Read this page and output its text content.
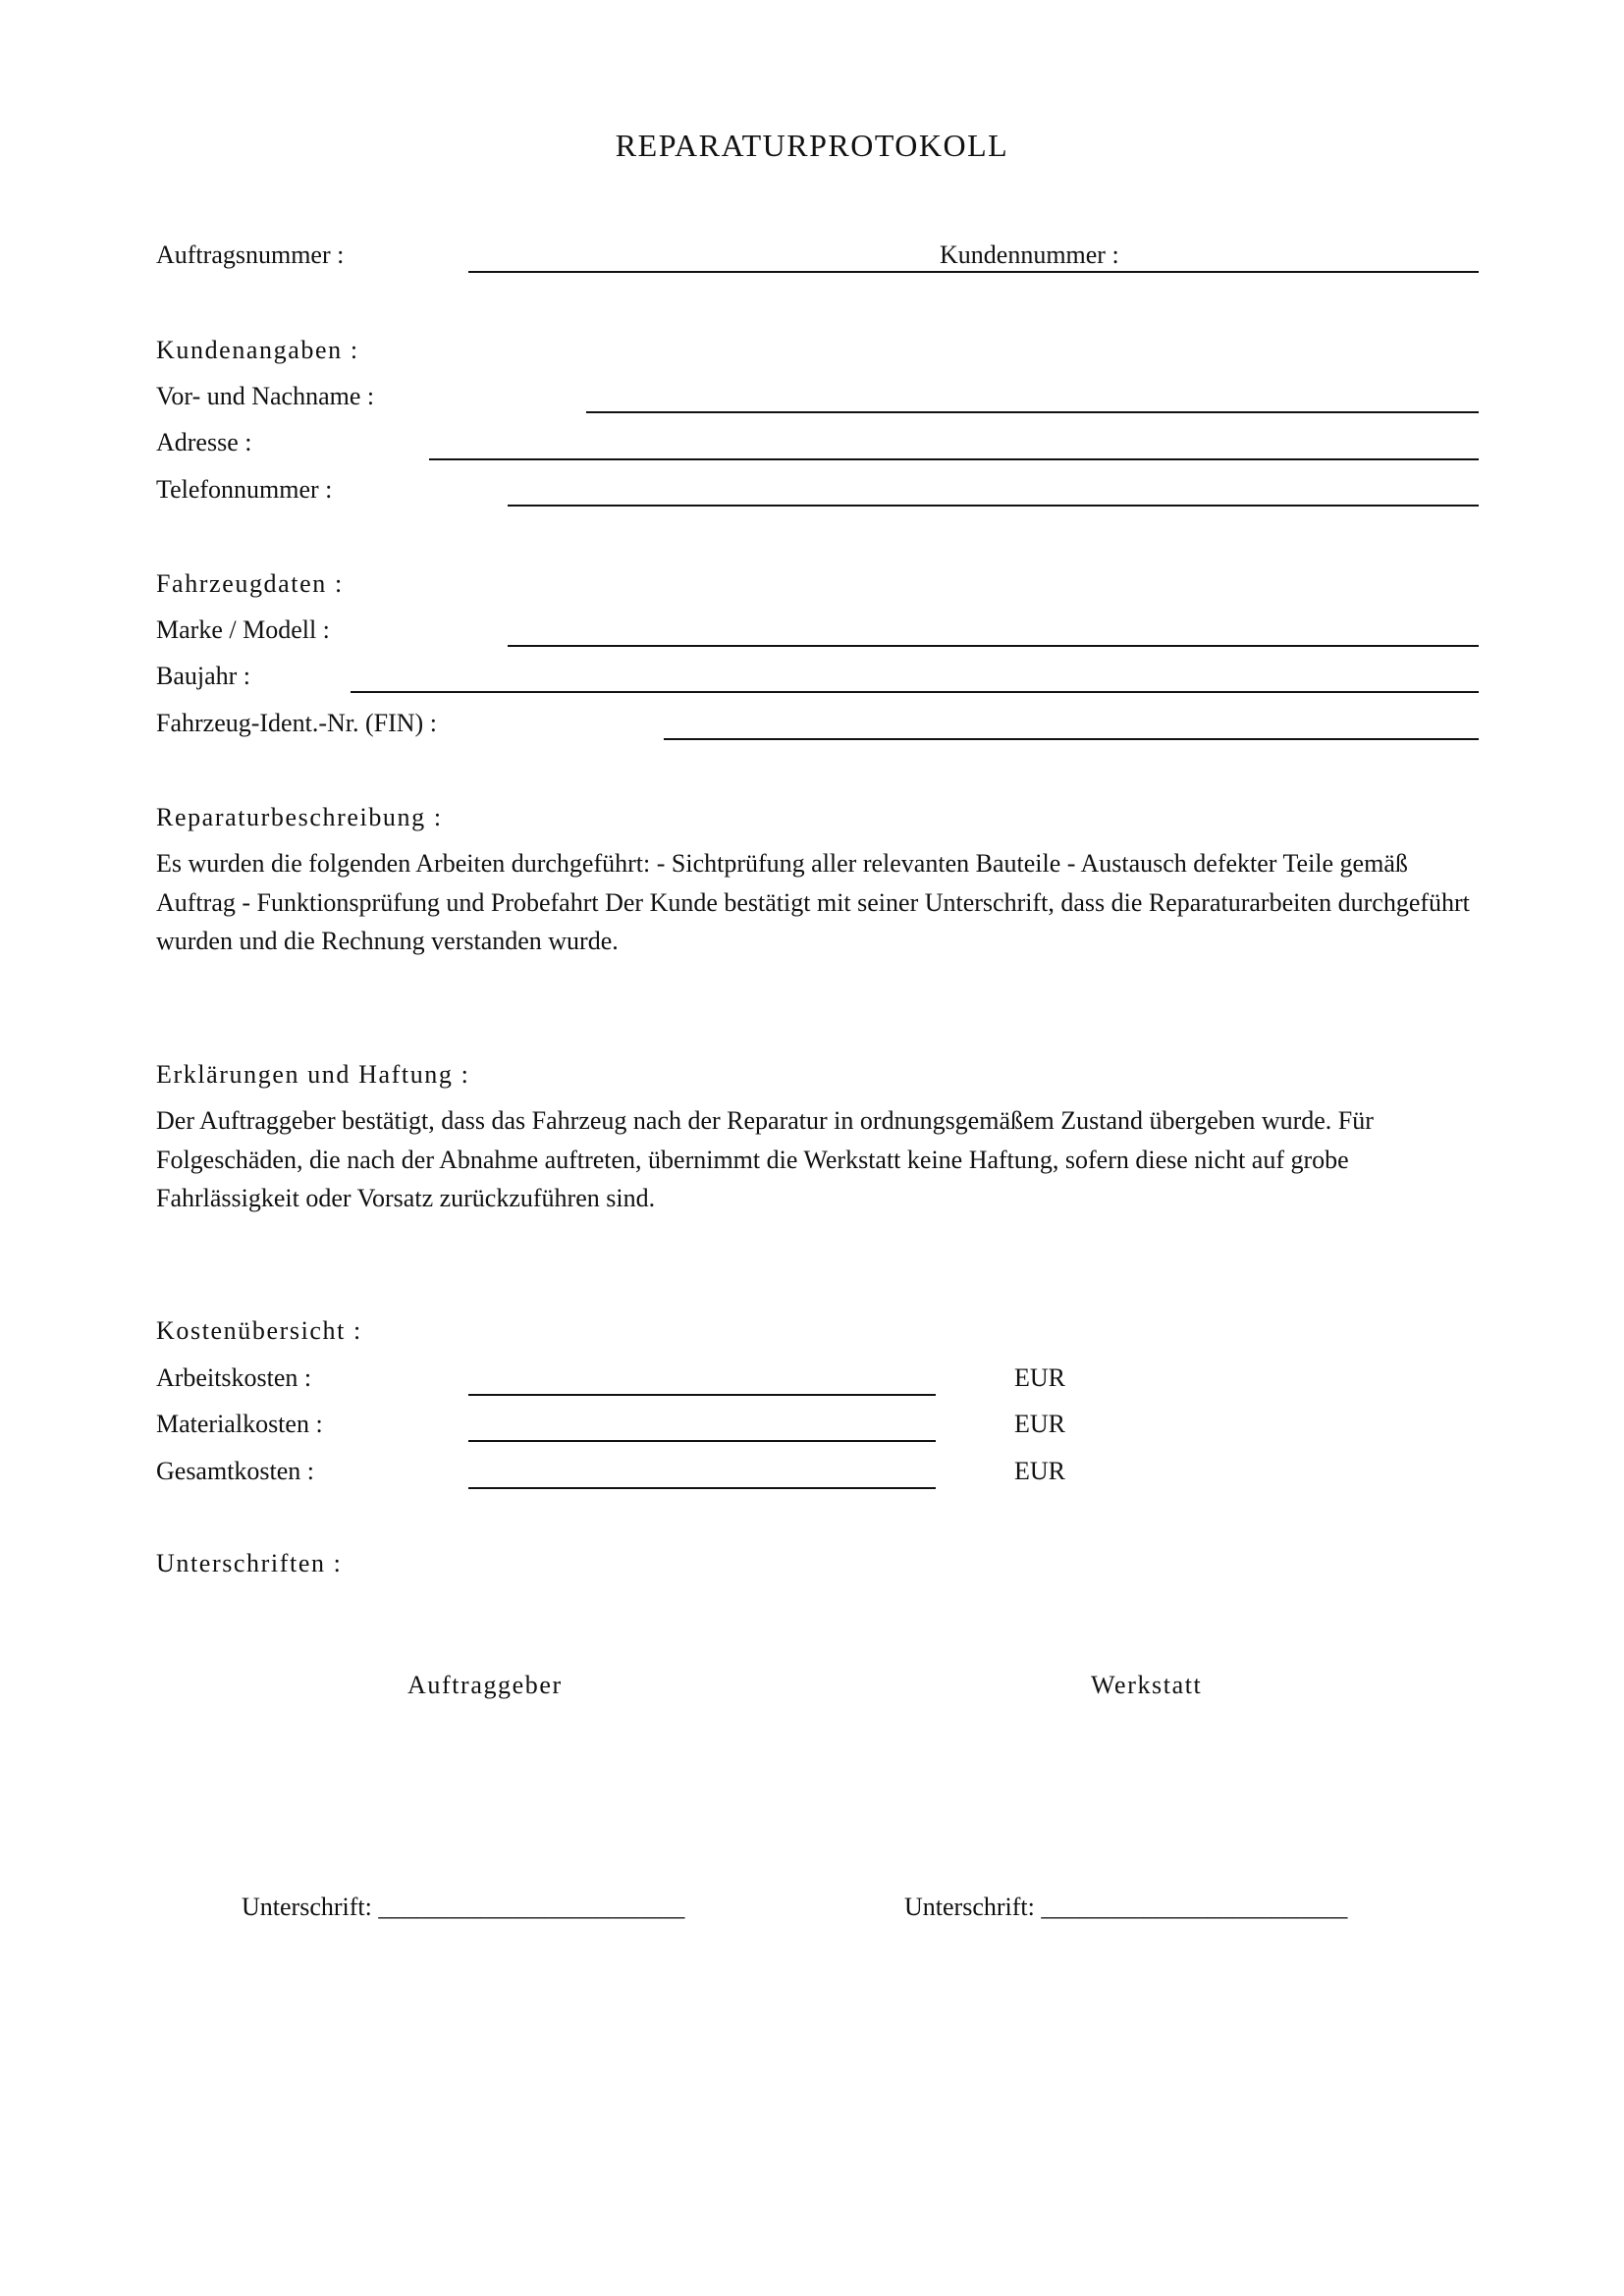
REPARATURPROTOKOLL
Auftragsnummer :	Kundennummer :
Kundenangaben :
Vor- und Nachname :
Adresse :
Telefonnummer :
Fahrzeugdaten :
Marke / Modell :
Baujahr :
Fahrzeug-Ident.-Nr. (FIN) :
Reparaturbeschreibung :
Es wurden die folgenden Arbeiten durchgeführt: - Sichtprüfung aller relevanten Bauteile - Austausch defekter Teile gemäß Auftrag - Funktionsprüfung und Probefahrt Der Kunde bestätigt mit seiner Unterschrift, dass die Reparaturarbeiten durchgeführt wurden und die Rechnung verstanden wurde.
Erklärungen und Haftung :
Der Auftraggeber bestätigt, dass das Fahrzeug nach der Reparatur in ordnungsgemäßem Zustand übergeben wurde. Für Folgeschäden, die nach der Abnahme auftreten, übernimmt die Werkstatt keine Haftung, sofern diese nicht auf grobe Fahrlässigkeit oder Vorsatz zurückzuführen sind.
Kostenübersicht :
Arbeitskosten :	EUR
Materialkosten :	EUR
Gesamtkosten :	EUR
Unterschriften :
Auftraggeber	Werkstatt
Unterschrift: ________________________	Unterschrift: ________________________
